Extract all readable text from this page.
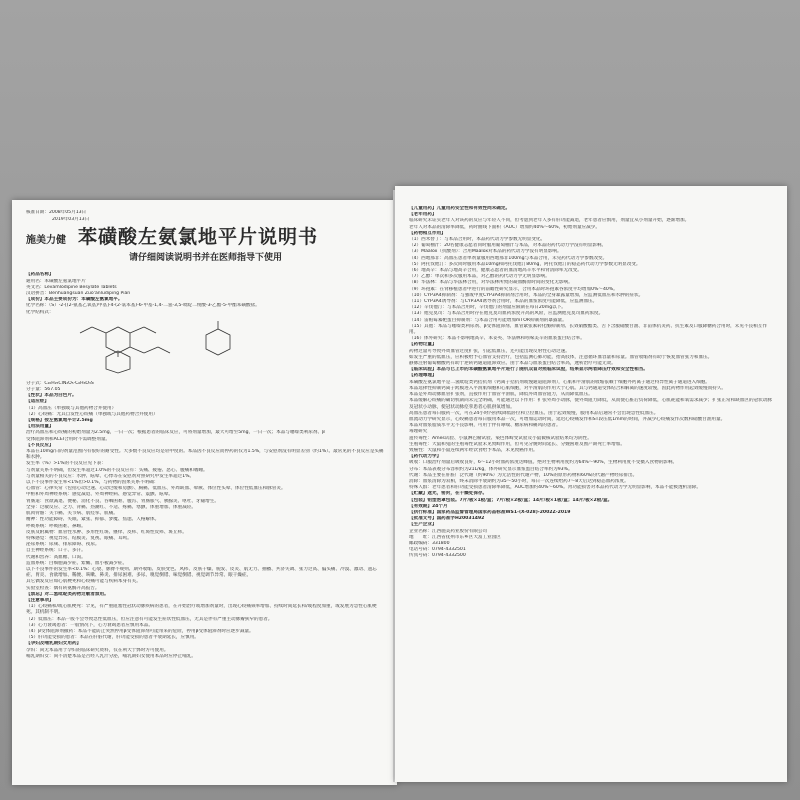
核准日期：2008年05月13日
2019年03月13日
施美力健 苯磺酸左氨氯地平片说明书
请仔细阅读说明书并在医师指导下使用
【药品名称】
通用名：苯磺酸左氨氯地平片
英文名：Levamlodipine Besylate Tablets
汉语拼音：Benhuangsuan Zuo'anlüdiping Pian
【成份】本品主要成份为：苯磺酸左氨氯地平。
化学名称：（S）-2-[(2-氨基乙氧基)甲基]-4-(2-氯苯基)-6-甲基-1,4-二氢-3,5-吡啶二羧酸-3-乙酯-5-甲酯苯磺酸盐。
化学结构式：
分子式：C₂₀H₂₅ClN₂O₅·C₆H₆O₃S
分子量：567.05
【性状】本品为白色片。
【适应症】
（1）高血压（单独或与其他药物合并使用）
（2）心绞痛：尤其自发性心绞痛（单独或与其他药物合并使用）
【规格】按左氨氯地平计2.5mg
【用法用量】
治疗高血压和心绞痛的初始剂量为2.5mg，一日一次；根据患者的临床反应，可将剂量增加，最大可增至5mg，一日一次；本品与噻嗪类利尿剂、β
受体阻滞剂和ACEI合用时不需调整剂量。
【不良反应】
本品在10mg/日的剂量范围内有很好的耐受性。大多数不良反应均是轻中度的。本品因不良反应而停药的仅为1.5%，与安慰剂没有明显差别（约1%）。最常见的不良反应是头痛和水肿。
发生率（%）>1%的不良反应见下表：
与剂量关系不明确，但发生率超过1.0%的不良反应有：头痛、疲倦、恶心、腹痛和嗜睡。
与剂量相关的不良反应：水肿、眩晕、心悸等在安慰剂对照研究中发生率超过1%。
以下不良事件发生率<1%但>0.1%，与药物的因果关系不明确：
心血管：心律失常（包括心动过速、心动过缓和房颤）、胸痛、低血压、外周缺血、晕厥、体位性头晕、体位性低血压和脉管炎。
中枢和外周神经系统：感觉减退、外周神经病、感觉异常、震颤、眩晕。
胃肠道：食欲减退、便秘、消化不良、吞咽困难、腹泻、胃肠胀气、胰腺炎、呕吐、牙龈增生。
全身：过敏反应、乏力、背痛、热潮红、不适、疼痛、寒颤、体重增加、体重减轻。
肌肉骨骼：关节痛、关节病、肌痉挛、肌痛。
精神：性功能障碍、失眠、紧张、抑郁、梦魇、焦虑、人格解体。
呼吸系统：呼吸困难、鼻衄。
皮肤及附属物：血管性水肿、多形性红斑、瘙痒、皮疹、红斑性皮疹、斑丘疹。
特殊感觉：视觉异常、结膜炎、复视、眼痛、耳鸣。
泌尿系统：尿频、排尿障碍、夜尿。
自主神经系统：口干、多汗。
代谢和营养：高血糖、口渴。
造血系统：白细胞减少症、紫癜、血小板减少症。
以下不良事件的发生率<0.1%：心衰、脉搏不规则、期外收缩、皮肤变色、风疹、皮肤干燥、脱发、皮炎、肌无力、抽搐、共济失调、张力过高、偏头痛、冷漠、激动、遗忘症、胃炎、食欲增加、稀便、咳嗽、鼻炎、排尿困难、多尿、嗅觉倒错、味觉倒错、视觉调节异常、眼干燥症。
其它偶发反应如心肌梗死和心绞痛可能与疾病本身有关。
实验室检查：偶有转氨酶升高报告。
【禁忌】对二氢吡啶类药物过敏者禁用。
【注意事项】
（1）心绞痛和/或心肌梗死：罕见，有严重阻塞性冠状动脉疾病的患者，在开始治疗或增加剂量时，出现心绞痛频率增加、持续时间延长和/或程度加重，或发展为急性心肌梗死。其机制不明。
（2）低血压：本品一般不会导致急性低血压，但应注意有可能发生症状性低血压，尤其是伴有严重主动脉瓣狭窄的患者。
（3）心力衰竭患者：一般情况下，心力衰竭患者应慎用本品。
（4）β受体阻滞剂撤药：本品不能防止突然停用β受体阻滞剂可能带来的危险，停用β受体阻滞剂时应逐步减量。
（5）肝功能受损的患者：本品在肝脏代谢，肝功能受损的患者半衰期延长，应慎用。
【孕妇及哺乳期妇女用药】
孕妇：尚无本品用于孕妇的临床研究资料，仅在利大于弊时方可使用。
哺乳期妇女：尚不清楚本品是否经人乳汁分泌，哺乳期妇女使用本品时应停止哺乳。
【儿童用药】儿童用药安全性和有效性尚未确定。
【老年用药】
临床研究未证实老年人对该药的反应与年轻人不同，但考虑到老年人多有肝功能减退，老年患者应慎用，剂量宜从小剂量开始，逐渐增加。
老年人对本品的清除率降低，药时曲线下面积（AUC）增加约40%～60%，初始剂量应减少。
【药物相互作用】
（1）西米替丁：与本品合用时，本品药代动力学参数无明显变化。
（2）葡萄柚汁：20名健康志愿者同时服用葡萄柚汁与本品，对本品的药代动力学没有明显影响。
（3）Maalox（抗酸剂）：合用Maalox对本品的药代动力学没有明显影响。
（4）西地那非：高血压患者单剂量服用西地那非100mg与本品合用，未见药代动力学参数改变。
（5）阿托伐他汀：多次同时服用本品10mg和阿托伐他汀80mg，阿托伐他汀的稳态药代动力学参数无明显改变。
（6）地高辛：本品与地高辛合用，健康志愿者的血清地高辛水平和肾清除率无改变。
（7）乙醇：单次和多次服用本品，对乙醇的药代动力学无明显影响。
（8）华法林：本品与华法林合用，对华法林所致的凝血酶原时间的变化无影响。
（9）环孢素：在肾移植患者中进行的前瞻性研究显示，合用本品时环孢素谷浓度平均增加0%～40%。
（10）CYP3A4抑制剂：与强或中度CYP3A4抑制剂合用时，本品的全身暴露量增加，应监测低血压和水肿的症状。
（11）CYP3A4诱导剂：与CYP3A4诱导剂合用时，本品的血浆浓度可能降低，应监测血压。
（12）辛伐他汀：与本品合用时，辛伐他汀的剂量应限制在每日20mg以下。
（13）他克莫司：与本品合用时存在他克莫司血药浓度升高的风险，应监测他克莫司血药浓度。
（14）雷帕霉素靶蛋白抑制剂：与本品合用可能增加mTOR抑制剂的暴露量。
（15）其他：本品与噻嗪类利尿剂、β受体阻滞剂、血管紧张素转化酶抑制剂、长效硝酸酯类、舌下含服硝酸甘油、非甾体抗炎药、抗生素及口服降糖药合用时，未见不良相互作用。
（16）体外研究：本品不影响地高辛、苯妥英、华法林和吲哚美辛的血浆蛋白结合率。
【药物过量】
药物过量可导致外周血管过度扩张，引起低血压，还可能出现反射性心动过速。
如发生严重的低血压，应积极给予心血管支持治疗，包括监测心肺功能，抬高肢体，注意循环血容量和尿量。血管收缩剂有助于恢复血管张力和血压。
静脉注射葡萄糖酸钙有助于逆转钙通道阻滞效应。由于本品与血浆蛋白结合率高，透析治疗可能无效。
【临床试验】本品与已上市的苯磺酸氨氯地平片进行了随机双盲对照临床试验，结果显示两者降压疗效和安全性相当。
【药理毒理】
苯磺酸左氨氯地平是二氢吡啶类钙拮抗剂（钙离子拮抗剂或慢通道阻滞剂），心肌和平滑肌的收缩依赖于细胞外钙离子通过特异性离子通道进入细胞。
本品选择性抑制钙离子跨膜进入平滑肌细胞和心肌细胞，对平滑肌的作用大于心肌。其与钙通道受体结合和解离的速度较慢，因此药物作用起效缓慢而持久。
本品是外周动脉血管扩张剂，直接作用于血管平滑肌，降低外周血管阻力，从而降低血压。
本品缓解心绞痛的确切机制尚未完全明确，可能通过以下作用：扩张外周小动脉，使外周阻力降低，从而使心脏后负荷降低，心肌耗能和氧需求减少；扩张正常和缺血区的冠状动脉及冠状小动脉，使冠状动脉痉挛患者心肌供氧增加。
高血压患者每日服药一次，可在24小时内持续降低卧位和立位血压。由于起效缓慢，服用本品后通常不会出现急性低血压。
血流动力学研究显示，心绞痛患者每日服用本品一次，可增加运动时间，延迟心绞痛发作和ST段压低1mm的时间，并减少心绞痛发作次数和硝酸甘油用量。
本品对血浆脂质水平无不良影响，可用于伴有哮喘、糖尿病和痛风的患者。
毒理研究
遗传毒性：Ames试验、小鼠淋巴瘤试验、染色体畸变试验及小鼠微核试验结果均为阴性。
生殖毒性：大鼠和兔的生殖毒性试验未见致畸作用，但可见分娩时间延长、分娩困难及围产期死亡率增加。
致癌性：大鼠和小鼠连续两年经饮食给予本品，未见致癌作用。
【药代动力学】
吸收：口服治疗剂量后吸收良好，6～12小时血药浓度达峰值。绝对生物利用度约为64%～90%，生物利用度不受摄入食物的影响。
分布：本品表观分布容积约为21L/kg，体外研究显示血浆蛋白结合率约为93%。
代谢：本品主要在肝脏广泛代谢（约90%）为无活性的代谢产物，10%的原形药物和60%的代谢产物经尿排出。
消除：血浆清除为双相，终末消除半衰期约为35～50小时，每日一次连续给药7～8天后达到稳态血药浓度。
特殊人群：老年患者和肝功能受损患者清除率降低，AUC增加约40%～60%。肾功能损害对本品药代动力学无明显影响，本品不能被透析清除。
【贮藏】遮光，密封，在干燥处保存。
【包装】铝塑泡罩包装。7片/板×1板/盒；7片/板×2板/盒；14片/板×1板/盒；14片/板×2板/盒。
【有效期】24个月
【执行标准】国家药品监督管理局国家药品标准WS1-(X-028)-2002Z-2019
【批准文号】国药准字H20031492
【生产企业】
企业名称：江西施美药业股份有限公司
地　　址：江西省抚州市东乡区大富工业园区
邮政编码：331800
电话号码：0794-4332501
传真号码：0794-4332500
